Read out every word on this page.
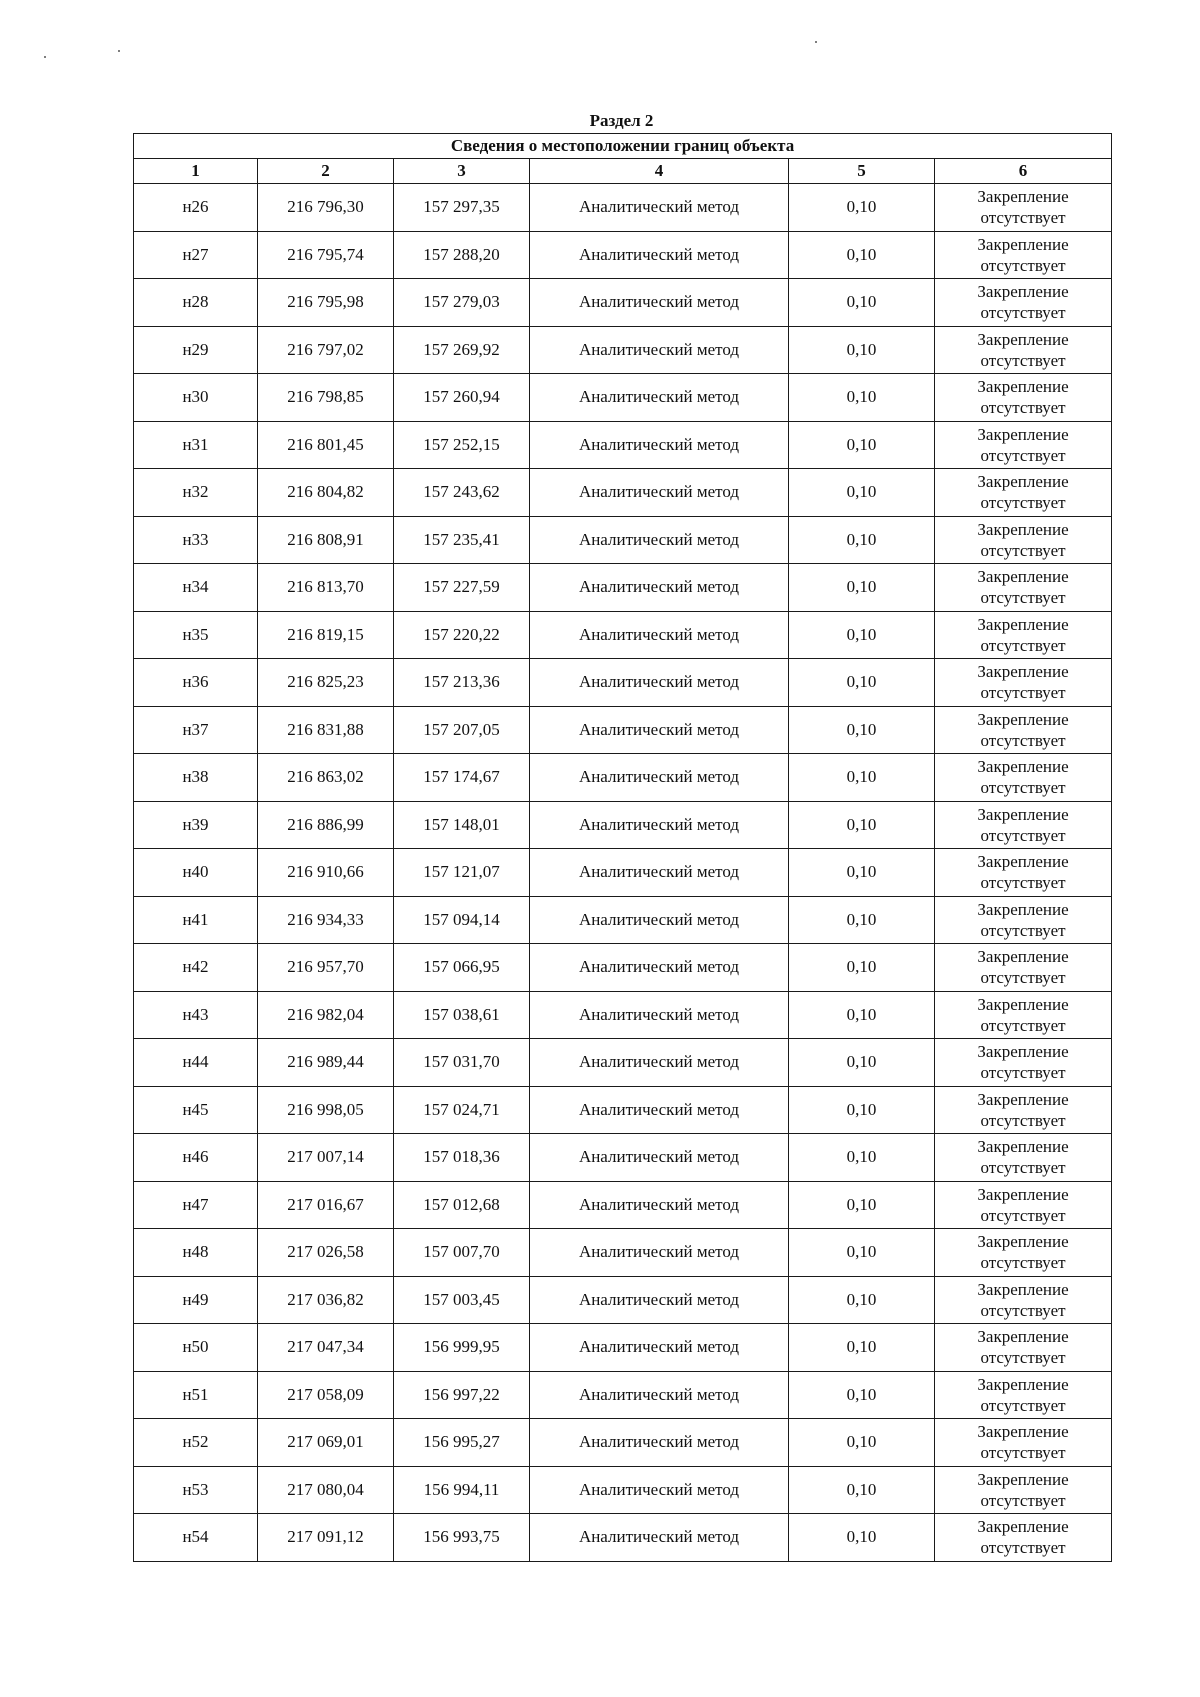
Раздел 2
Сведения о местоположении границ объекта					
1	2	3	4	5	6
н26	216 796,30	157 297,35	Аналитический метод	0,10	Закрепление
отсутствует

н27	216 795,74	157 288,20	Аналитический метод	0,10	Закрепление
отсутствует

н28	216 795,98	157 279,03	Аналитический метод	0,10	Закрепление
отсутствует

н29	216 797,02	157 269,92	Аналитический метод	0,10	Закрепление
отсутствует

н30	216 798,85	157 260,94	Аналитический метод	0,10	Закрепление
отсутствует

н31	216 801,45	157 252,15	Аналитический метод	0,10	Закрепление
отсутствует

н32	216 804,82	157 243,62	Аналитический метод	0,10	Закрепление
отсутствует

н33	216 808,91	157 235,41	Аналитический метод	0,10	Закрепление
отсутствует

н34	216 813,70	157 227,59	Аналитический метод	0,10	Закрепление
отсутствует

н35	216 819,15	157 220,22	Аналитический метод	0,10	Закрепление
отсутствует

н36	216 825,23	157 213,36	Аналитический метод	0,10	Закрепление
отсутствует

н37	216 831,88	157 207,05	Аналитический метод	0,10	Закрепление
отсутствует

н38	216 863,02	157 174,67	Аналитический метод	0,10	Закрепление
отсутствует

н39	216 886,99	157 148,01	Аналитический метод	0,10	Закрепление
отсутствует

н40	216 910,66	157 121,07	Аналитический метод	0,10	Закрепление
отсутствует

н41	216 934,33	157 094,14	Аналитический метод	0,10	Закрепление
отсутствует

н42	216 957,70	157 066,95	Аналитический метод	0,10	Закрепление
отсутствует

н43	216 982,04	157 038,61	Аналитический метод	0,10	Закрепление
отсутствует

н44	216 989,44	157 031,70	Аналитический метод	0,10	Закрепление
отсутствует

н45	216 998,05	157 024,71	Аналитический метод	0,10	Закрепление
отсутствует

н46	217 007,14	157 018,36	Аналитический метод	0,10	Закрепление
отсутствует

н47	217 016,67	157 012,68	Аналитический метод	0,10	Закрепление
отсутствует

н48	217 026,58	157 007,70	Аналитический метод	0,10	Закрепление
отсутствует

н49	217 036,82	157 003,45	Аналитический метод	0,10	Закрепление
отсутствует

н50	217 047,34	156 999,95	Аналитический метод	0,10	Закрепление
отсутствует

н51	217 058,09	156 997,22	Аналитический метод	0,10	Закрепление
отсутствует

н52	217 069,01	156 995,27	Аналитический метод	0,10	Закрепление
отсутствует

н53	217 080,04	156 994,11	Аналитический метод	0,10	Закрепление
отсутствует

н54	217 091,12	156 993,75	Аналитический метод	0,10	Закрепление
отсутствует
